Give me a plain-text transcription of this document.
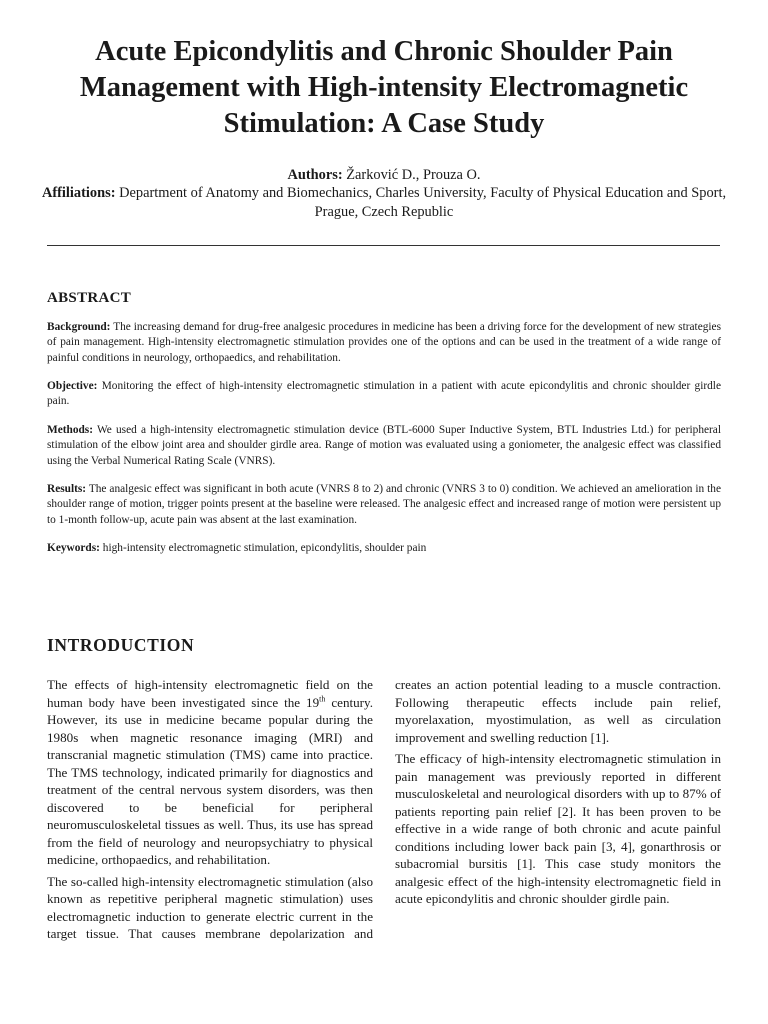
Acute Epicondylitis and Chronic Shoulder Pain
Management with High-intensity Electromagnetic
Stimulation: A Case Study
Authors: Žarković D., Prouza O.
Affiliations: Department of Anatomy and Biomechanics, Charles University, Faculty of Physical Education and Sport, Prague, Czech Republic
ABSTRACT

Background: The increasing demand for drug-free analgesic procedures in medicine has been a driving force for the development of new strategies of pain management. High-intensity electromagnetic stimulation provides one of the options and can be used in the treatment of a wide range of painful conditions in neurology, orthopaedics, and rehabilitation.

Objective: Monitoring the effect of high-intensity electromagnetic stimulation in a patient with acute epicondylitis and chronic shoulder girdle pain.

Methods: We used a high-intensity electromagnetic stimulation device (BTL-6000 Super Inductive System, BTL Industries Ltd.) for peripheral stimulation of the elbow joint area and shoulder girdle area. Range of motion was evaluated using a goniometer, the analgesic effect was classified using the Verbal Numerical Rating Scale (VNRS).

Results: The analgesic effect was significant in both acute (VNRS 8 to 2) and chronic (VNRS 3 to 0) condition. We achieved an amelioration in the shoulder range of motion, trigger points present at the baseline were released. The analgesic effect and increased range of motion were persistent up to 1-month follow-up, acute pain was absent at the last examination.

Keywords: high-intensity electromagnetic stimulation, epicondylitis, shoulder pain

INTRODUCTION

The effects of high-intensity electromagnetic field on the human body have been investigated since the 19th century. However, its use in medicine became popular during the 1980s when magnetic resonance imaging (MRI) and transcranial magnetic stimulation (TMS) came into practice. The TMS technology, indicated primarily for diagnostics and treatment of the central nervous system disorders, was then discovered to be beneficial for peripheral neuromusculoskeletal tissues as well. Thus, its use has spread from the field of neurology and neuropsychiatry to physical medicine, orthopaedics, and rehabilitation.

The so-called high-intensity electromagnetic stimulation (also known as repetitive peripheral magnetic stimulation) uses electromagnetic induction to generate electric current in the target tissue. That causes membrane depolarization and

creates an action potential leading to a muscle contraction. Following therapeutic effects include pain relief, myorelaxation, myostimulation, as well as circulation improvement and swelling reduction [1].

The efficacy of high-intensity electromagnetic stimulation in pain management was previously reported in different musculoskeletal and neurological disorders with up to 87% of patients reporting pain relief [2]. It has been proven to be effective in a wide range of both chronic and acute painful conditions including lower back pain [3, 4], gonarthrosis or subacromial bursitis [1]. This case study monitors the analgesic effect of the high-intensity electromagnetic field in acute epicondylitis and chronic shoulder girdle pain.
